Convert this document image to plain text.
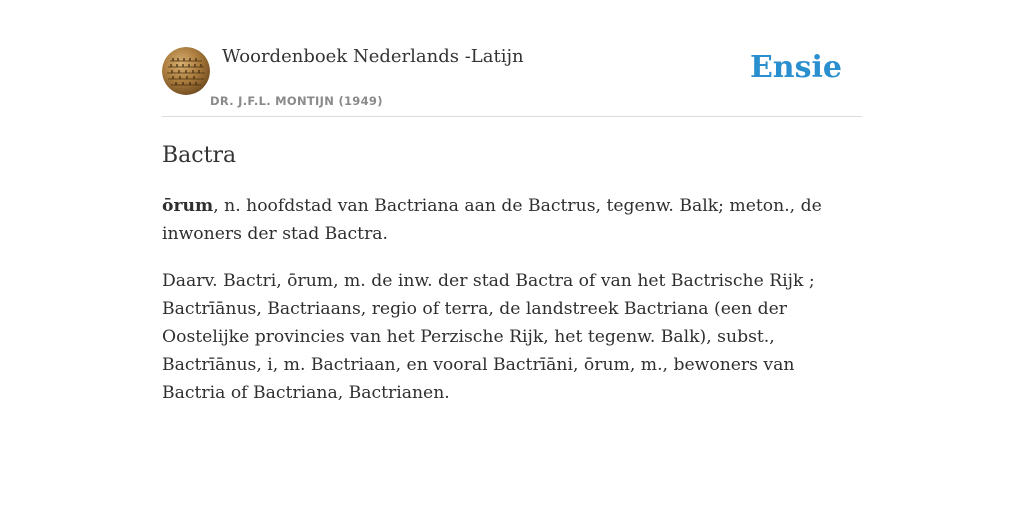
Woordenboek Nederlands -Latijn
DR. J.F.L. MONTIJN (1949)
Ensie
Bactra

ōrum, n. hoofdstad van Bactriana aan de Bactrus, tegenw. Balk; meton., de inwoners der stad Bactra.

Daarv. Bactri, ōrum, m. de inw. der stad Bactra of van het Bactrische Rijk ; Bactrīānus, Bactriaans, regio of terra, de landstreek Bactriana (een der Oostelijke provincies van het Perzische Rijk, het tegenw. Balk), subst., Bactrīānus, i, m. Bactriaan, en vooral Bactrīāni, ōrum, m., bewoners van Bactria of Bactriana, Bactrianen.
